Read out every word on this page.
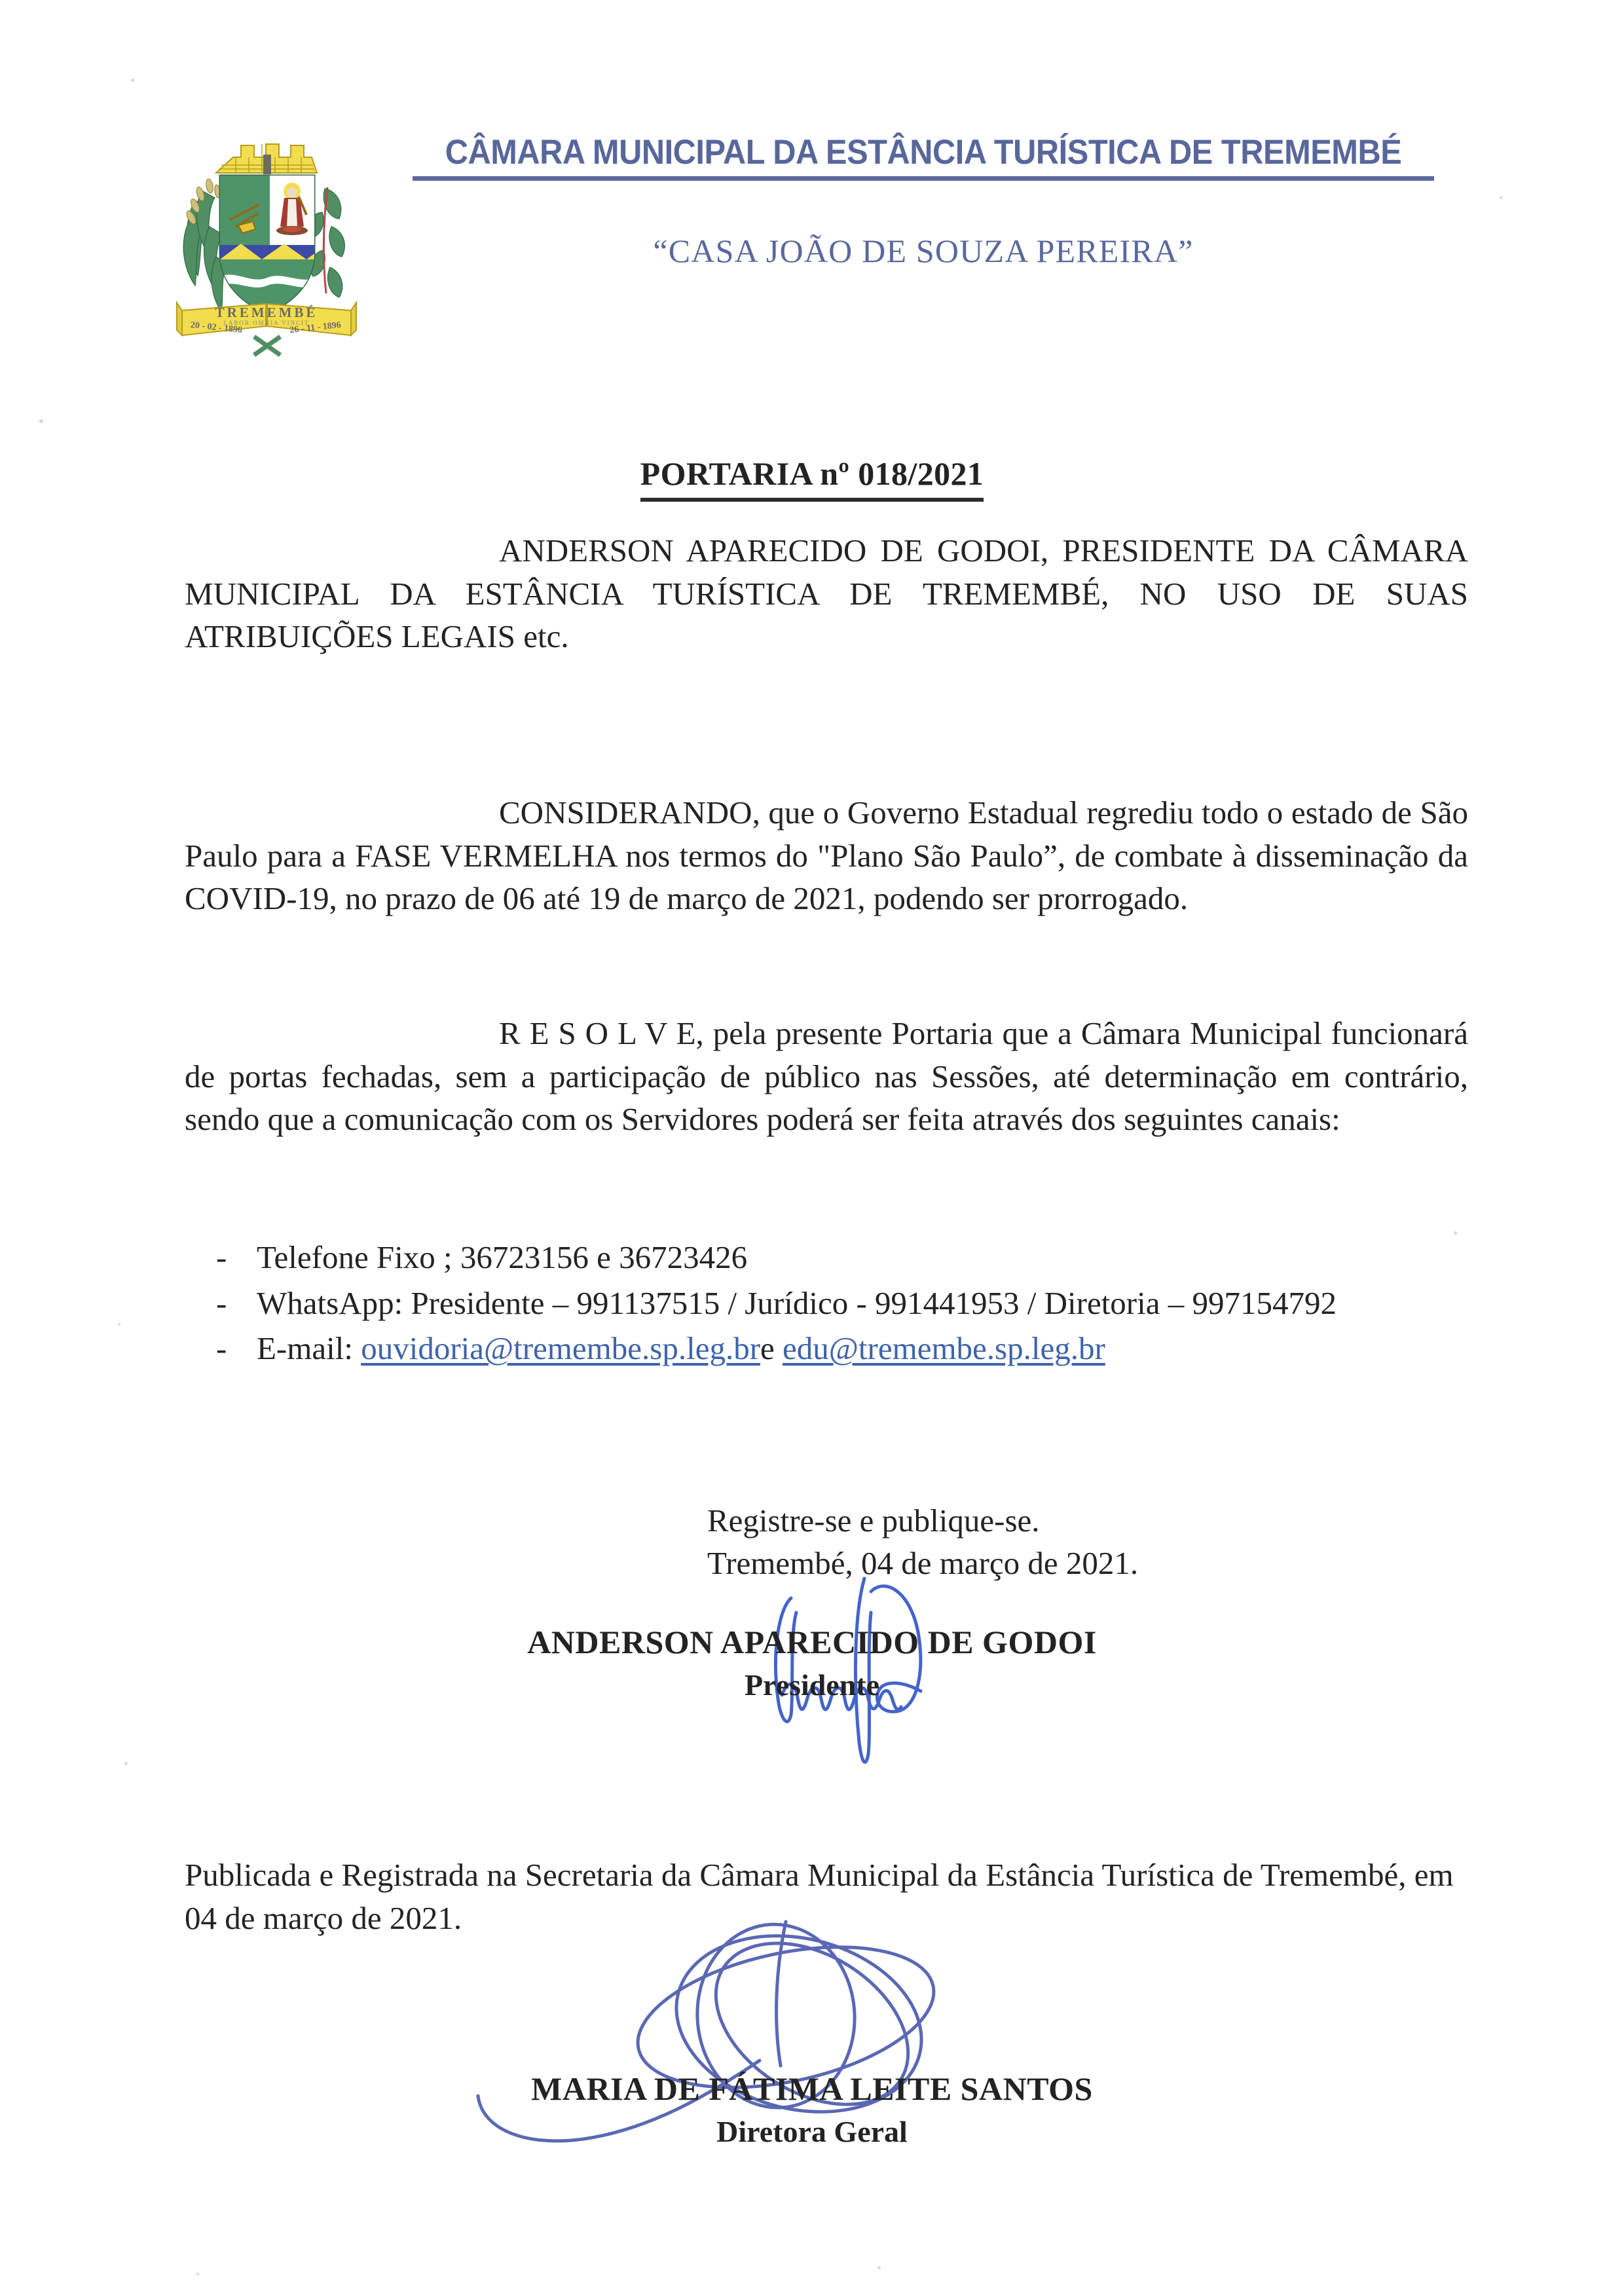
TREMEMBÉ
LABOR OMNIA VINCIT
20 - 02 - 1896	26 - 11 - 1896
CÂMARA MUNICIPAL DA ESTÂNCIA TURÍSTICA DE TREMEMBÉ
“CASA JOÃO DE SOUZA PEREIRA”
PORTARIA nº 018/2021
ANDERSON APARECIDO DE GODOI, PRESIDENTE DA CÂMARA MUNICIPAL DA ESTÂNCIA TURÍSTICA DE TREMEMBÉ, NO USO DE SUAS ATRIBUIÇÕES LEGAIS etc.
CONSIDERANDO, que o Governo Estadual regrediu todo o estado de São Paulo para a FASE VERMELHA nos termos do "Plano São Paulo”, de combate à disseminação da COVID-19, no prazo de 06 até 19 de março de 2021, podendo ser prorrogado.
R E S O L V E, pela presente Portaria que a Câmara Municipal funcionará de portas fechadas, sem a participação de público nas Sessões, até determinação em contrário, sendo que a comunicação com os Servidores poderá ser feita através dos seguintes canais:
- Telefone Fixo ; 36723156 e 36723426
- WhatsApp: Presidente – 991137515 / Jurídico - 991441953 / Diretoria – 997154792
- E-mail: ouvidoria@tremembe.sp.leg.bre edu@tremembe.sp.leg.br
Registre-se e publique-se.
Tremembé, 04 de março de 2021.
ANDERSON APARECIDO DE GODOI
Presidente
Publicada e Registrada na Secretaria da Câmara Municipal da Estância Turística de Tremembé, em 04 de março de 2021.
MARIA DE FÁTIMA LEITE SANTOS
Diretora Geral
